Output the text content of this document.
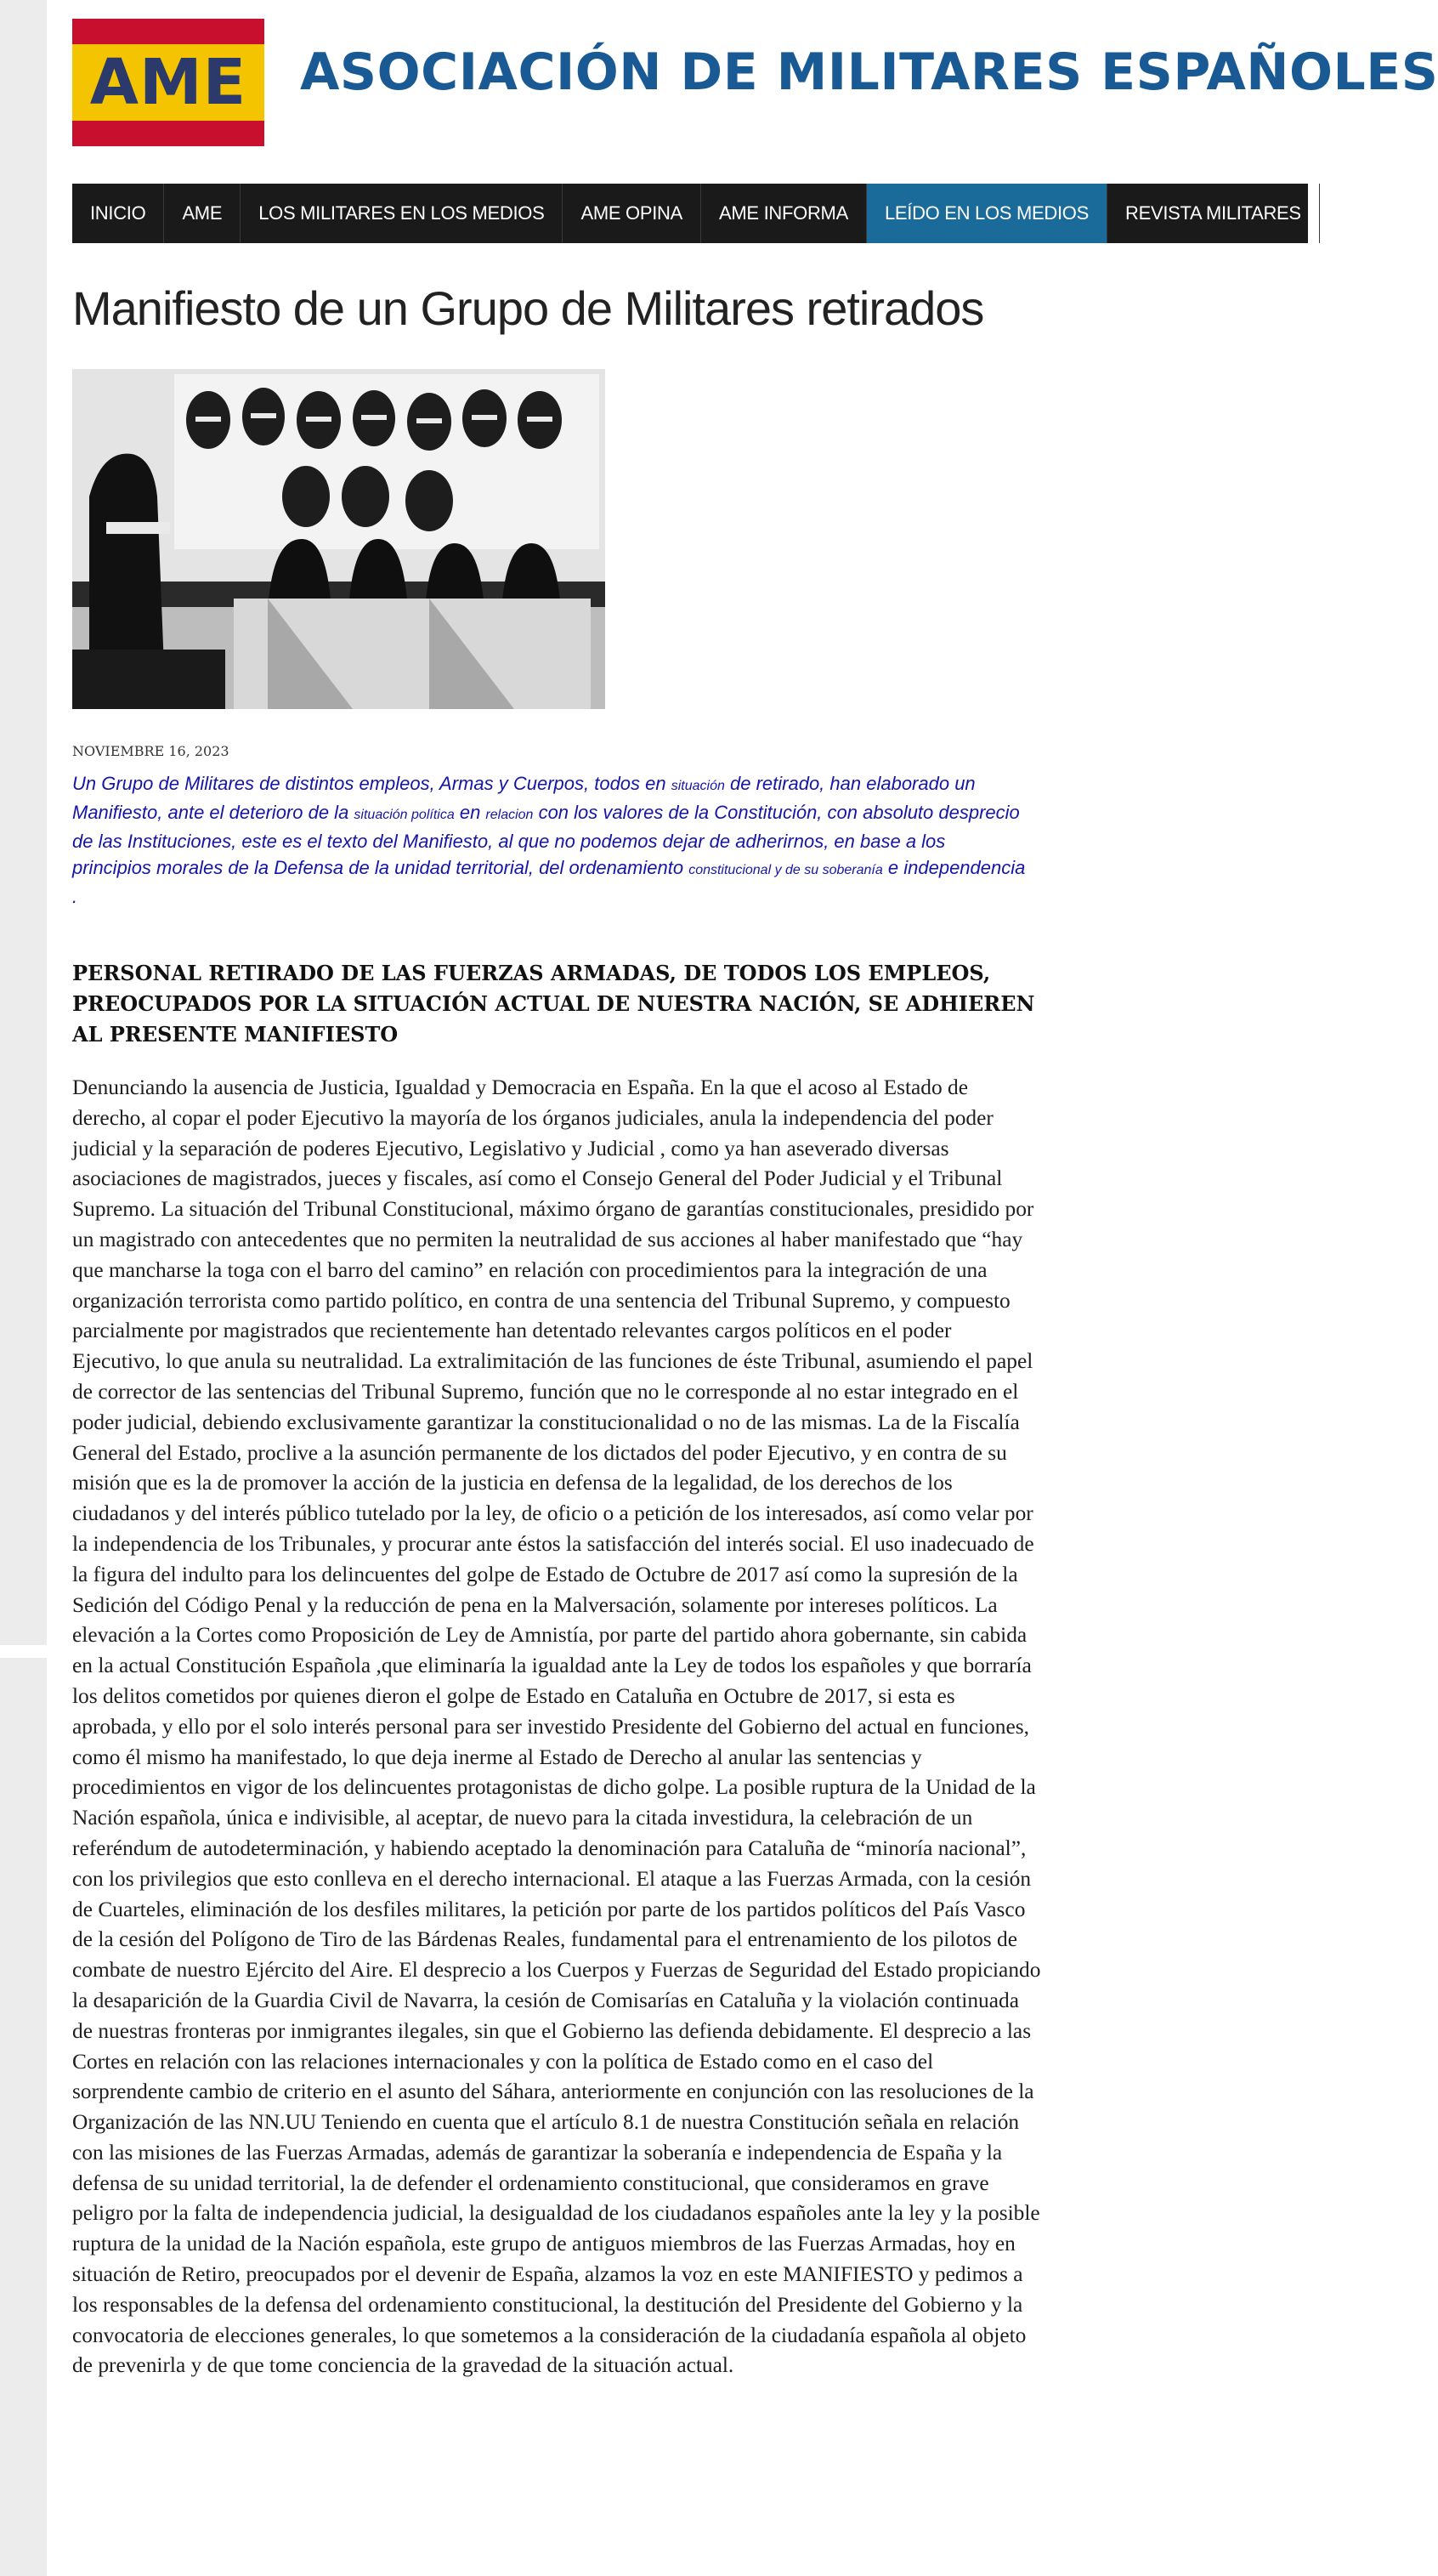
AME	ASOCIACIÓN DE MILITARES ESPAÑOLES
INICIO	AME	LOS MILITARES EN LOS MEDIOS	AME OPINA	AME INFORMA	LEÍDO EN LOS MEDIOS	REVISTA MILITARES
Manifiesto de un Grupo de Militares retirados
NOVIEMBRE 16, 2023

Un Grupo de Militares de distintos empleos, Armas y Cuerpos, todos en situación de retirado, han elaborado un Manifiesto, ante el deterioro de la situación política en relacion con los valores de la Constitución, con absoluto desprecio de las Instituciones, este es el texto del Manifiesto, al que no podemos dejar de adherirnos, en base a los principios morales de la Defensa de la unidad territorial, del ordenamiento constitucional y de su soberanía e independencia .

PERSONAL RETIRADO DE LAS FUERZAS ARMADAS, DE TODOS LOS EMPLEOS, PREOCUPADOS POR LA SITUACIÓN ACTUAL DE NUESTRA NACIÓN, SE ADHIEREN AL PRESENTE MANIFIESTO

Denunciando la ausencia de Justicia, Igualdad y Democracia en España. En la que el acoso al Estado de derecho, al copar el poder Ejecutivo la mayoría de los órganos judiciales, anula la independencia del poder judicial y la separación de poderes Ejecutivo, Legislativo y Judicial , como ya han aseverado diversas asociaciones de magistrados, jueces y fiscales, así como el Consejo General del Poder Judicial y el Tribunal Supremo. La situación del Tribunal Constitucional, máximo órgano de garantías constitucionales, presidido por un magistrado con antecedentes que no permiten la neutralidad de sus acciones al haber manifestado que “hay que mancharse la toga con el barro del camino” en relación con procedimientos para la integración de una organización terrorista como partido político, en contra de una sentencia del Tribunal Supremo, y compuesto parcialmente por magistrados que recientemente han detentado relevantes cargos políticos en el poder Ejecutivo, lo que anula su neutralidad. La extralimitación de las funciones de éste Tribunal, asumiendo el papel de corrector de las sentencias del Tribunal Supremo, función que no le corresponde al no estar integrado en el poder judicial, debiendo exclusivamente garantizar la constitucionalidad o no de las mismas. La de la Fiscalía General del Estado, proclive a la asunción permanente de los dictados del poder Ejecutivo, y en contra de su misión que es la de promover la acción de la justicia en defensa de la legalidad, de los derechos de los ciudadanos y del interés público tutelado por la ley, de oficio o a petición de los interesados, así como velar por la independencia de los Tribunales, y procurar ante éstos la satisfacción del interés social. El uso inadecuado de la figura del indulto para los delincuentes del golpe de Estado de Octubre de 2017 así como la supresión de la Sedición del Código Penal y la reducción de pena en la Malversación, solamente por intereses políticos. La elevación a la Cortes como Proposición de Ley de Amnistía, por parte del partido ahora gobernante, sin cabida en la actual Constitución Española ,que eliminaría la igualdad ante la Ley de todos los españoles y que borraría los delitos cometidos por quienes dieron el golpe de Estado en Cataluña en Octubre de 2017, si esta es aprobada, y ello por el solo interés personal para ser investido Presidente del Gobierno del actual en funciones, como él mismo ha manifestado, lo que deja inerme al Estado de Derecho al anular las sentencias y procedimientos en vigor de los delincuentes protagonistas de dicho golpe. La posible ruptura de la Unidad de la Nación española, única e indivisible, al aceptar, de nuevo para la citada investidura, la celebración de un referéndum de autodeterminación, y habiendo aceptado la denominación para Cataluña de “minoría nacional”, con los privilegios que esto conlleva en el derecho internacional. El ataque a las Fuerzas Armada, con la cesión de Cuarteles, eliminación de los desfiles militares, la petición por parte de los partidos políticos del País Vasco de la cesión del Polígono de Tiro de las Bárdenas Reales, fundamental para el entrenamiento de los pilotos de combate de nuestro Ejército del Aire. El desprecio a los Cuerpos y Fuerzas de Seguridad del Estado propiciando la desaparición de la Guardia Civil de Navarra, la cesión de Comisarías en Cataluña y la violación continuada de nuestras fronteras por inmigrantes ilegales, sin que el Gobierno las defienda debidamente. El desprecio a las Cortes en relación con las relaciones internacionales y con la política de Estado como en el caso del sorprendente cambio de criterio en el asunto del Sáhara, anteriormente en conjunción con las resoluciones de la Organización de las NN.UU Teniendo en cuenta que el artículo 8.1 de nuestra Constitución señala en relación con las misiones de las Fuerzas Armadas, además de garantizar la soberanía e independencia de España y la defensa de su unidad territorial, la de defender el ordenamiento constitucional, que consideramos en grave peligro por la falta de independencia judicial, la desigualdad de los ciudadanos españoles ante la ley y la posible ruptura de la unidad de la Nación española, este grupo de antiguos miembros de las Fuerzas Armadas, hoy en situación de Retiro, preocupados por el devenir de España, alzamos la voz en este MANIFIESTO y pedimos a los responsables de la defensa del ordenamiento constitucional, la destitución del Presidente del Gobierno y la convocatoria de elecciones generales, lo que sometemos a la consideración de la ciudadanía española al objeto de prevenirla y de que tome conciencia de la gravedad de la situación actual.
